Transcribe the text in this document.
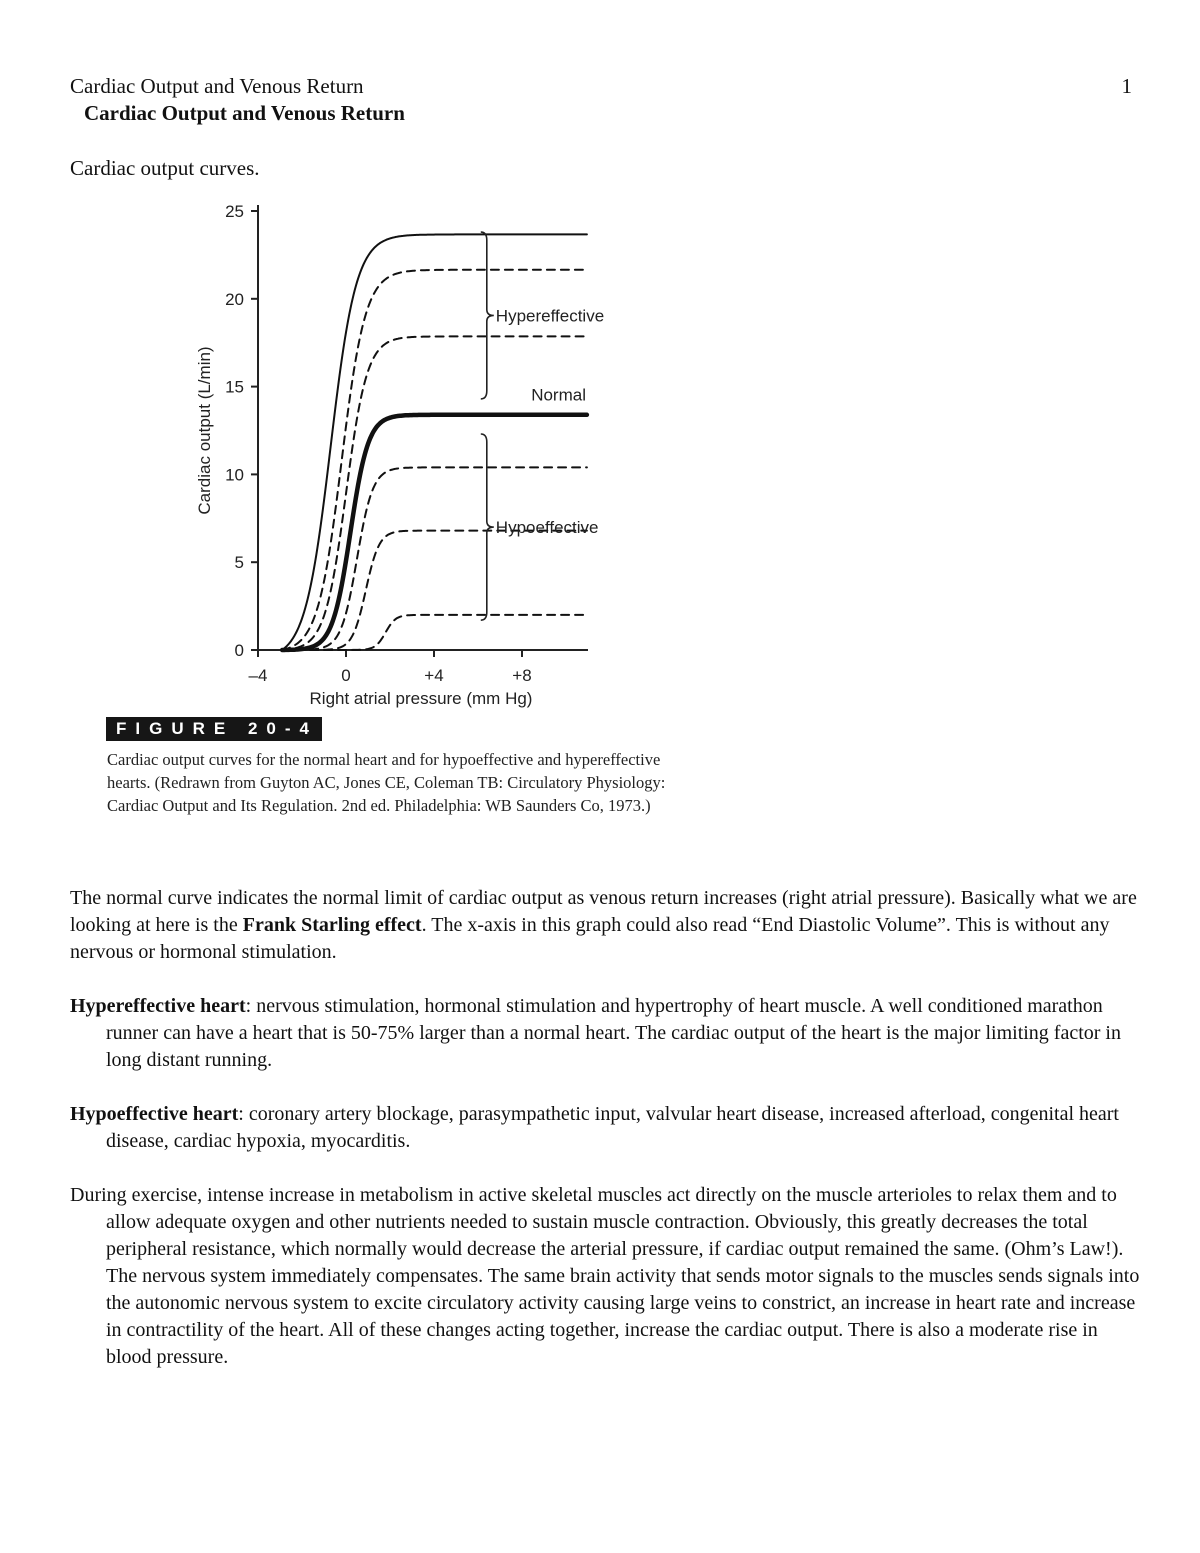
Cardiac Output and Venous Return	1
Cardiac Output and Venous Return
Cardiac output curves.
0
5
10
15
20
25
–4	0	+4	+8
Cardiac output (L/min)
Right atrial pressure (mm Hg)
Hypereffective
Normal
Hypoeffective
FIGURE 20-4
Cardiac output curves for the normal heart and for hypoeffective and hypereffective hearts. (Redrawn from Guyton AC, Jones CE, Coleman TB: Circulatory Physiology: Cardiac Output and Its Regulation. 2nd ed. Philadelphia: WB Saunders Co, 1973.)

The normal curve indicates the normal limit of cardiac output as venous return increases (right atrial pressure). Basically what we are looking at here is the Frank Starling effect. The x-axis in this graph could also read “End Diastolic Volume”. This is without any nervous or hormonal stimulation.

Hypereffective heart: nervous stimulation, hormonal stimulation and hypertrophy of heart muscle. A well conditioned marathon runner can have a heart that is 50-75% larger than a normal heart. The cardiac output of the heart is the major limiting factor in long distant running.

Hypoeffective heart: coronary artery blockage, parasympathetic input, valvular heart disease, increased afterload, congenital heart disease, cardiac hypoxia, myocarditis.

During exercise, intense increase in metabolism in active skeletal muscles act directly on the muscle arterioles to relax them and to allow adequate oxygen and other nutrients needed to sustain muscle contraction. Obviously, this greatly decreases the total peripheral resistance, which normally would decrease the arterial pressure, if cardiac output remained the same. (Ohm’s Law!). The nervous system immediately compensates. The same brain activity that sends motor signals to the muscles sends signals into the autonomic nervous system to excite circulatory activity causing large veins to constrict, an increase in heart rate and increase in contractility of the heart. All of these changes acting together, increase the cardiac output. There is also a moderate rise in blood pressure.
